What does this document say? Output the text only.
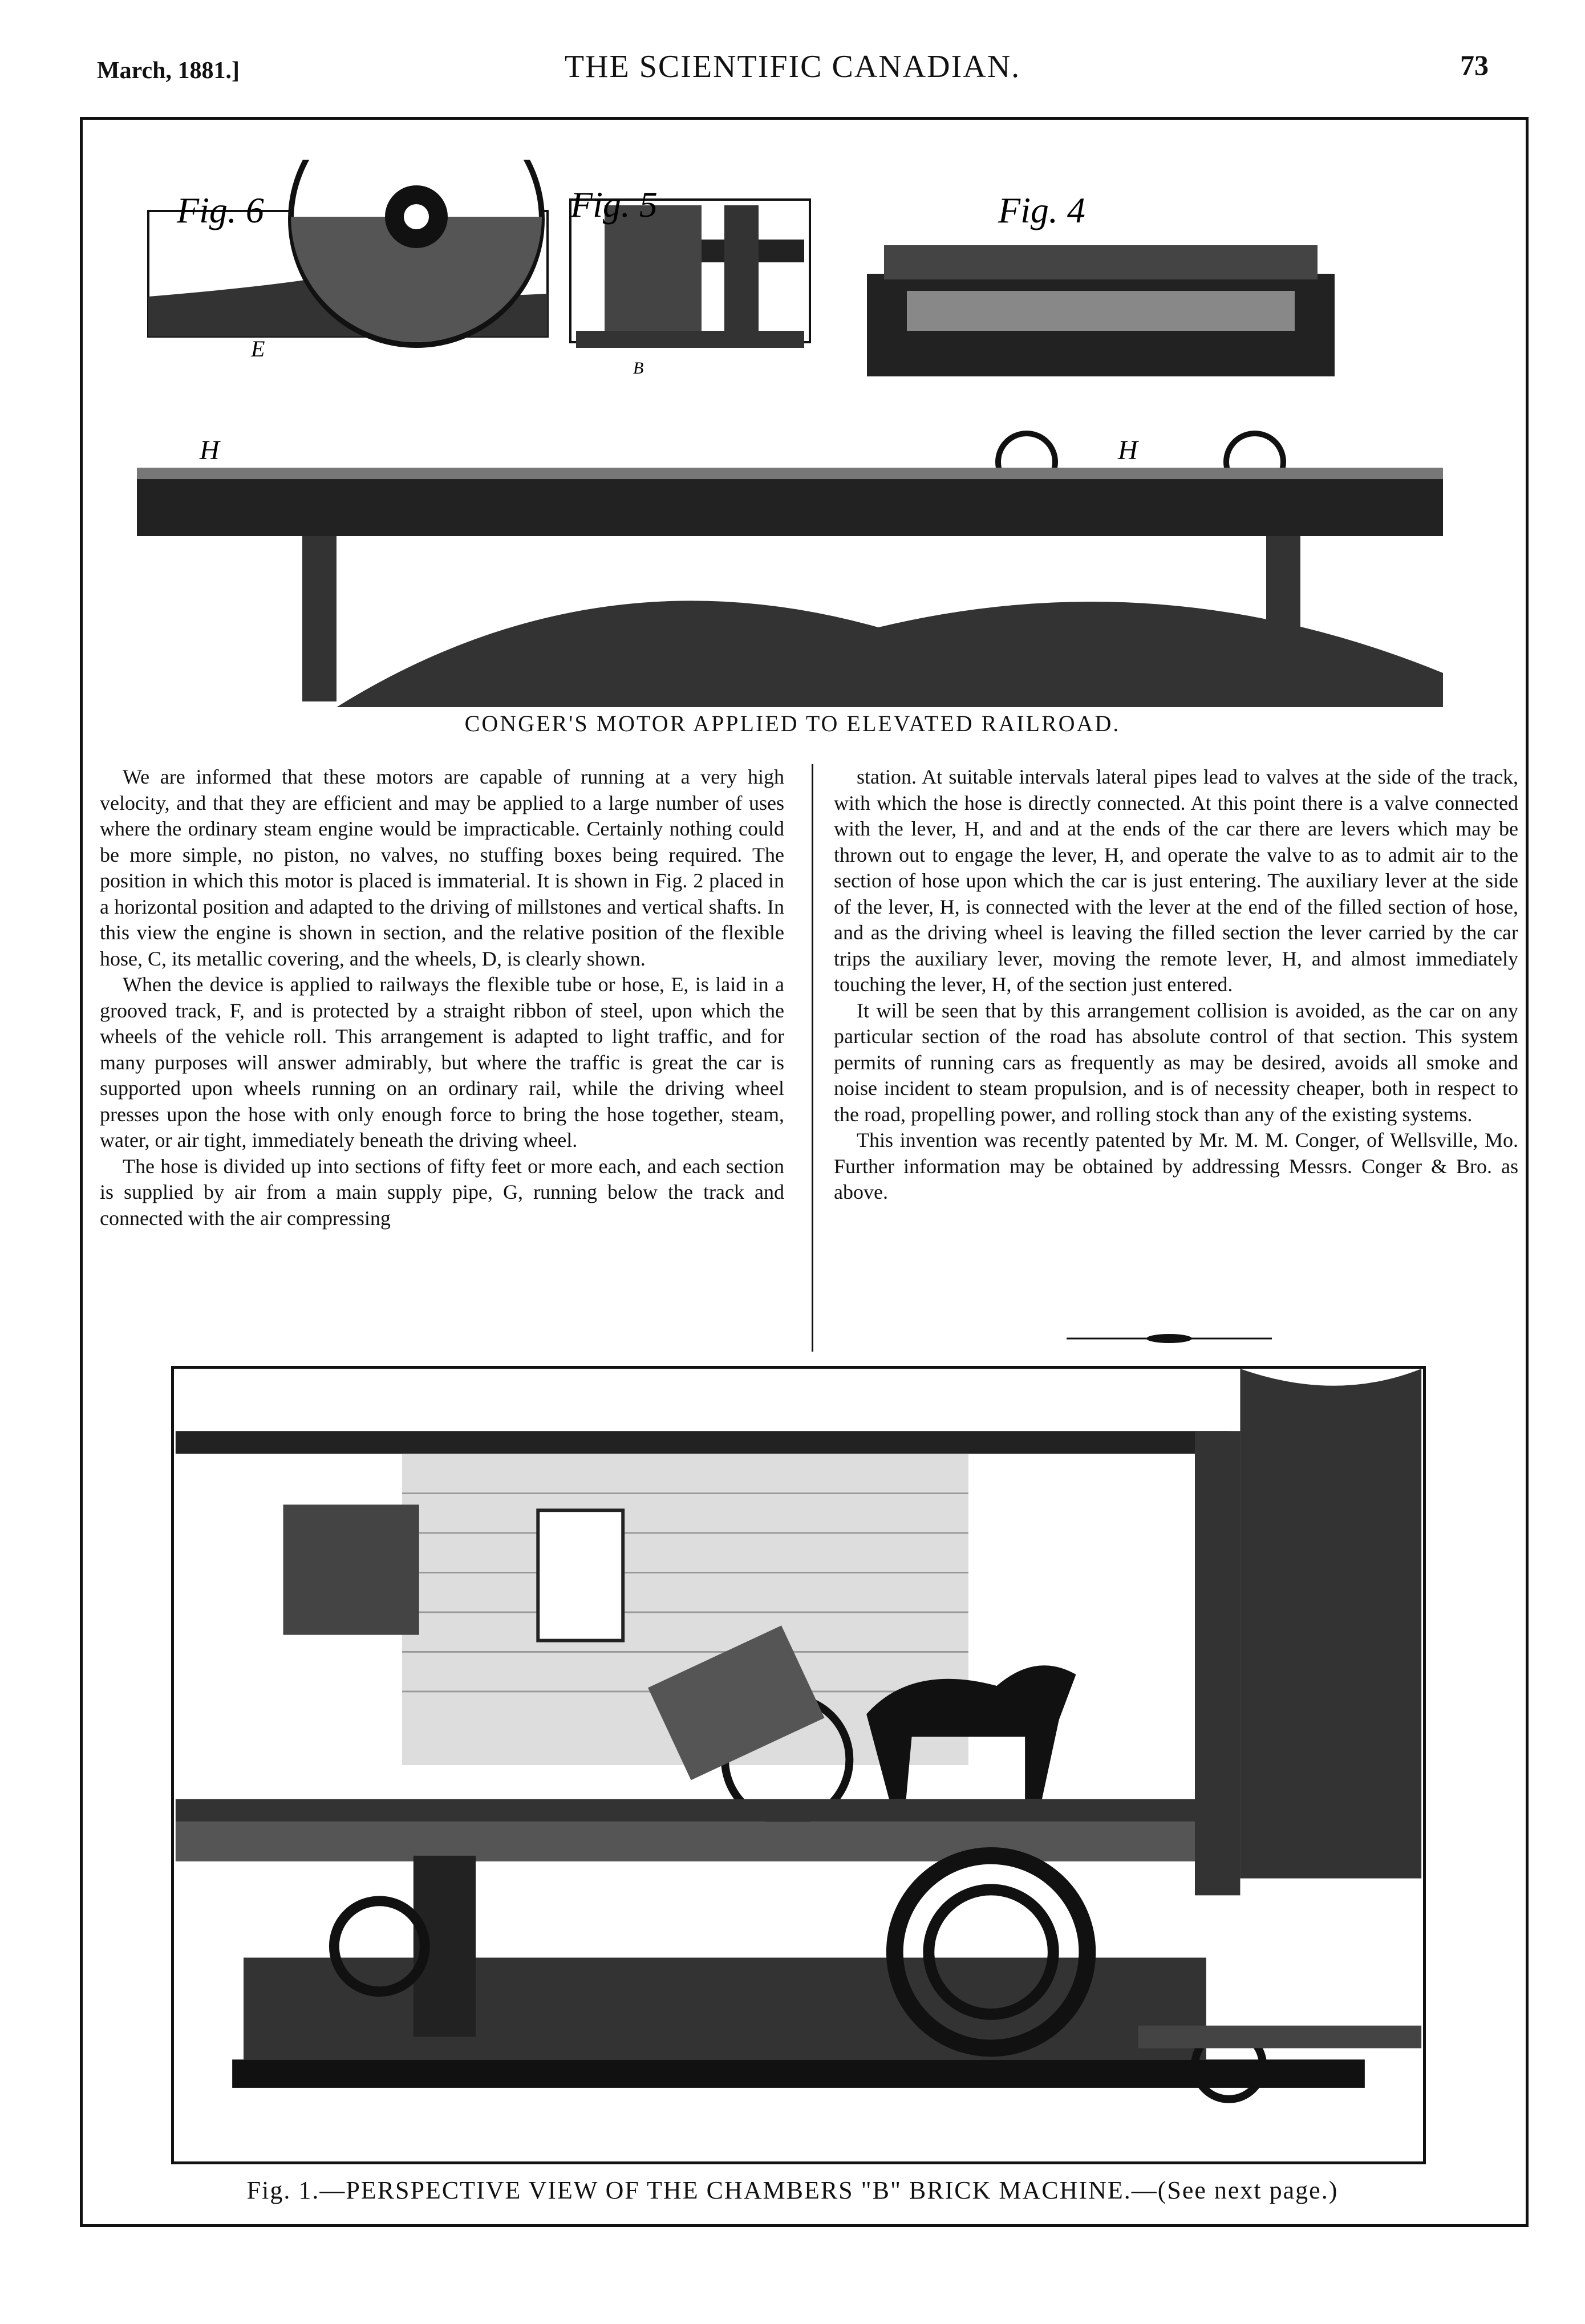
March, 1881.]	THE SCIENTIFIC CANADIAN.	73
Fig. 6
E
Fig. 5
B
Fig. 4
H	H
CONGER'S MOTOR APPLIED TO ELEVATED RAILROAD.

We are informed that these motors are capable of running at a very high velocity, and that they are efficient and may be applied to a large number of uses where the ordinary steam engine would be impracticable. Certainly nothing could be more simple, no piston, no valves, no stuffing boxes being required. The position in which this motor is placed is immaterial. It is shown in Fig. 2 placed in a horizontal position and adapted to the driving of millstones and vertical shafts. In this view the engine is shown in section, and the relative position of the flexible hose, C, its metallic covering, and the wheels, D, is clearly shown.

When the device is applied to railways the flexible tube or hose, E, is laid in a grooved track, F, and is protected by a straight ribbon of steel, upon which the wheels of the vehicle roll. This arrangement is adapted to light traffic, and for many purposes will answer admirably, but where the traffic is great the car is supported upon wheels running on an ordinary rail, while the driving wheel presses upon the hose with only enough force to bring the hose together, steam, water, or air tight, immediately beneath the driving wheel.

The hose is divided up into sections of fifty feet or more each, and each section is supplied by air from a main supply pipe, G, running below the track and connected with the air compressing

station. At suitable intervals lateral pipes lead to valves at the side of the track, with which the hose is directly connected. At this point there is a valve connected with the lever, H, and and at the ends of the car there are levers which may be thrown out to engage the lever, H, and operate the valve to as to admit air to the section of hose upon which the car is just entering. The auxiliary lever at the side of the lever, H, is connected with the lever at the end of the filled section of hose, and as the driving wheel is leaving the filled section the lever carried by the car trips the auxiliary lever, moving the remote lever, H, and almost immediately touching the lever, H, of the section just entered.

It will be seen that by this arrangement collision is avoided, as the car on any particular section of the road has absolute control of that section. This system permits of running cars as frequently as may be desired, avoids all smoke and noise incident to steam propulsion, and is of necessity cheaper, both in respect to the road, propelling power, and rolling stock than any of the existing systems.

This invention was recently patented by Mr. M. M. Conger, of Wellsville, Mo. Further information may be obtained by addressing Messrs. Conger & Bro. as above.

Fig. 1.—PERSPECTIVE VIEW OF THE CHAMBERS "B" BRICK MACHINE.—(See next page.)
